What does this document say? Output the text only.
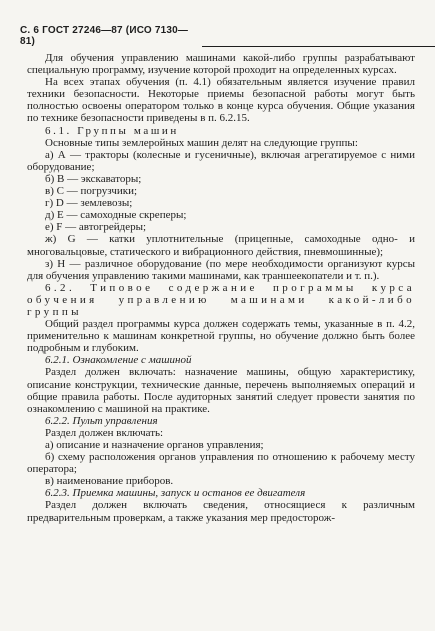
С. 6 ГОСТ 27246—87 (ИСО 7130—81)

Для обучения управлению машинами какой-либо группы разрабатывают специальную программу, изучение которой проходит на определенных курсах.

На всех этапах обучения (п. 4.1) обязательным является изучение правил техники безопасности. Некоторые приемы безопасной работы могут быть полностью освоены оператором только в конце курса обучения. Общие указания по технике безопасности приведены в п. 6.2.15.

6.1. Группы машин

Основные типы землеройных машин делят на следующие группы:

а) А — тракторы (колесные и гусеничные), включая агрегатируемое с ними оборудование;

б) В — экскаваторы;

в) С — погрузчики;

г) D — землевозы;

д) Е — самоходные скреперы;

е) F — автогрейдеры;

ж) G — катки уплотнительные (прицепные, самоходные одно- и многовальцовые, статического и вибрационного действия, пневмошинные);

з) Н — различное оборудование (по мере необходимости организуют курсы для обучения управлению такими машинами, как траншеекопатели и т. п.).

6.2. Типовое содержание программы курса обучения управлению машинами какой-либо группы

Общий раздел программы курса должен содержать темы, указанные в п. 4.2, применительно к машинам конкретной группы, но обучение должно быть более подробным и глубоким.

6.2.1. Ознакомление с машиной

Раздел должен включать: назначение машины, общую характеристику, описание конструкции, технические данные, перечень выполняемых операций и общие правила работы. После аудиторных занятий следует провести занятия по ознакомлению с машиной на практике.

6.2.2. Пульт управления

Раздел должен включать:

а) описание и назначение органов управления;

б) схему расположения органов управления по отношению к рабочему месту оператора;

в) наименование приборов.

6.2.3. Приемка машины, запуск и останов ее двигателя

Раздел должен включать сведения, относящиеся к различным предварительным проверкам, а также указания мер предосторож-
